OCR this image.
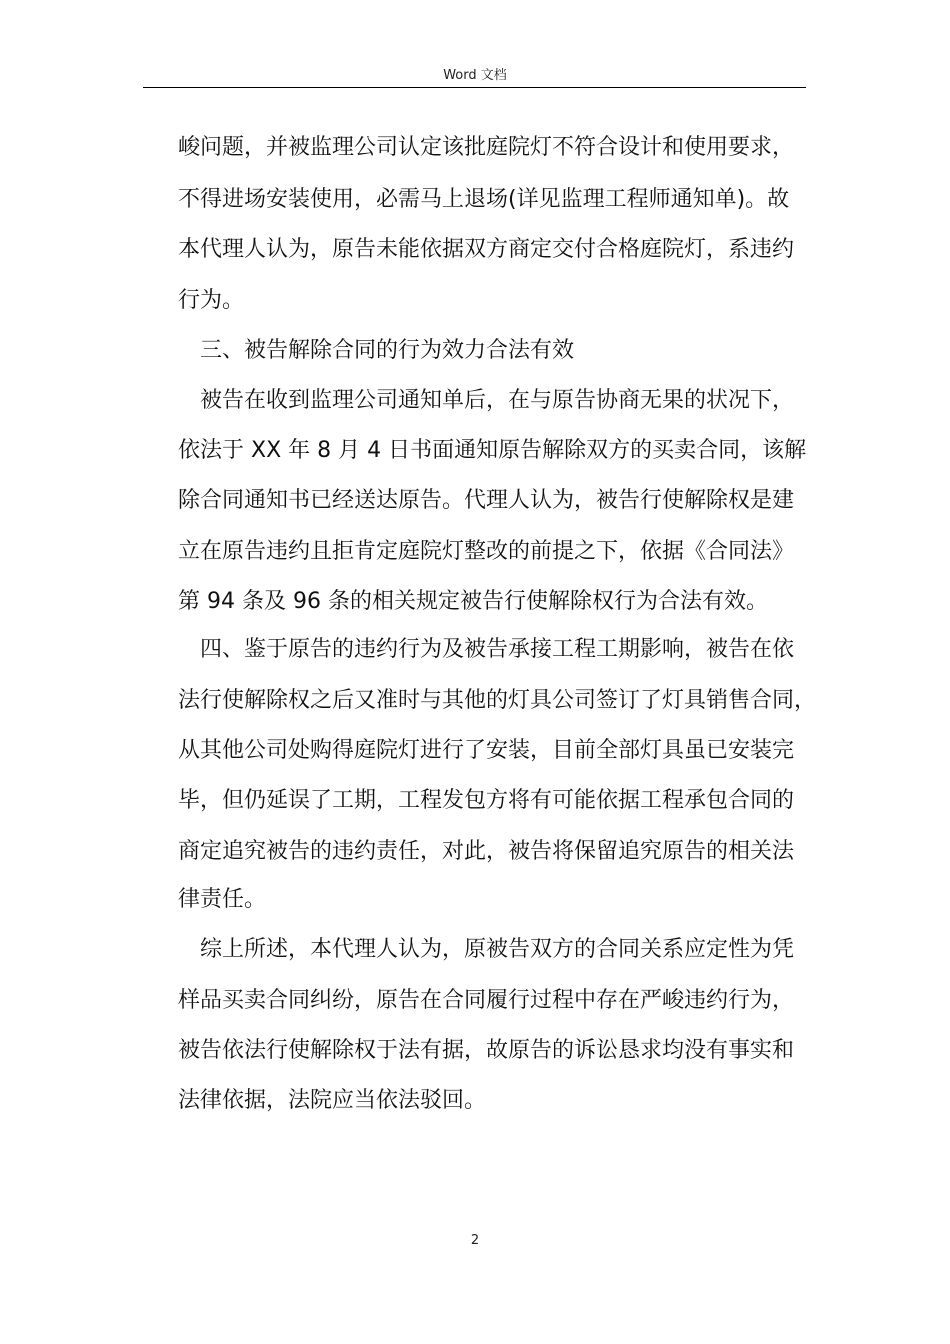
Word 文档
峻问题，并被监理公司认定该批庭院灯不符合设计和使用要求，
不得进场安装使用，必需马上退场(详见监理工程师通知单)。故
本代理人认为，原告未能依据双方商定交付合格庭院灯，系违约
行为。
三、被告解除合同的行为效力合法有效
被告在收到监理公司通知单后，在与原告协商无果的状况下，
依法于 XX 年 8 月 4 日书面通知原告解除双方的买卖合同，该解
除合同通知书已经送达原告。代理人认为，被告行使解除权是建
立在原告违约且拒肯定庭院灯整改的前提之下，依据《合同法》
第 94 条及 96 条的相关规定被告行使解除权行为合法有效。
四、鉴于原告的违约行为及被告承接工程工期影响，被告在依
法行使解除权之后又准时与其他的灯具公司签订了灯具销售合同，
从其他公司处购得庭院灯进行了安装，目前全部灯具虽已安装完
毕，但仍延误了工期，工程发包方将有可能依据工程承包合同的
商定追究被告的违约责任，对此，被告将保留追究原告的相关法
律责任。
综上所述，本代理人认为，原被告双方的合同关系应定性为凭
样品买卖合同纠纷，原告在合同履行过程中存在严峻违约行为，
被告依法行使解除权于法有据，故原告的诉讼恳求均没有事实和
法律依据，法院应当依法驳回。
2
